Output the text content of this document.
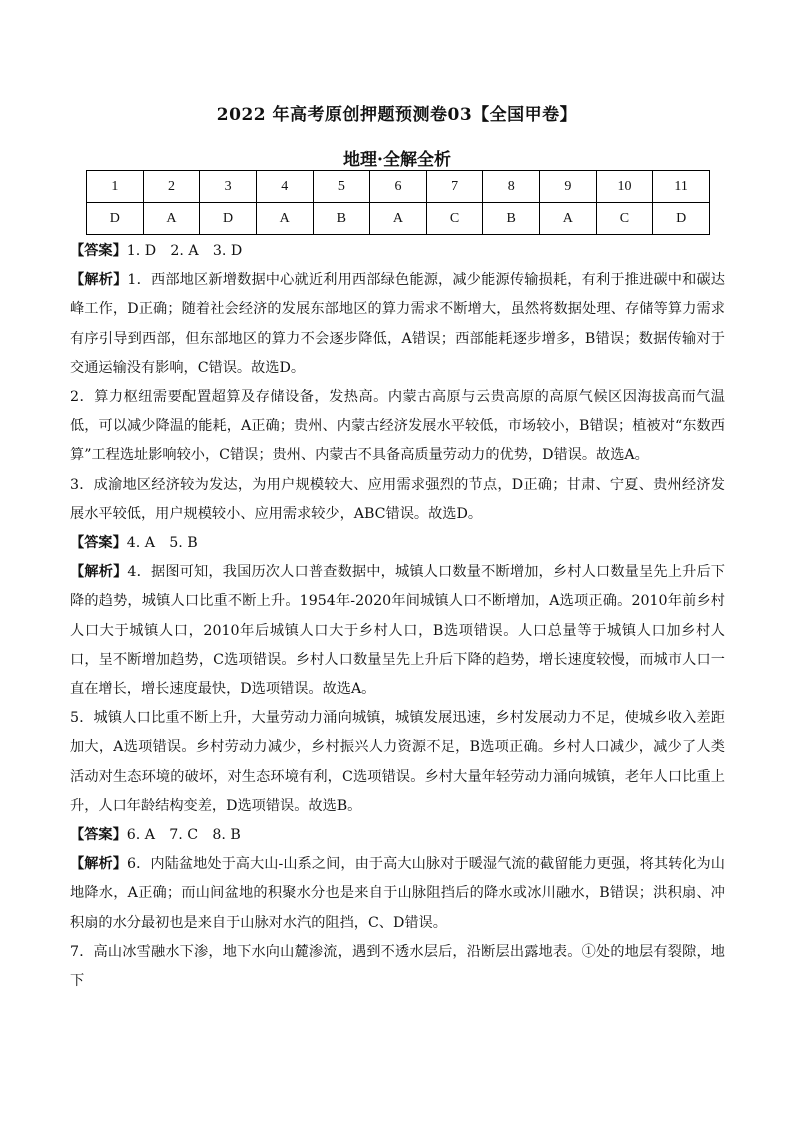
2022 年高考原创押题预测卷03【全国甲卷】
地理·全解全析
1	2	3	4	5	6	7	8	9	10	11
D	A	D	A	B	A	C	B	A	C	D

【答案】1. D　2. A　3. D

【解析】1．西部地区新增数据中心就近利用西部绿色能源，减少能源传输损耗，有利于推进碳中和碳达峰工作，D正确；随着社会经济的发展东部地区的算力需求不断增大，虽然将数据处理、存储等算力需求有序引导到西部，但东部地区的算力不会逐步降低，A错误；西部能耗逐步增多，B错误；数据传输对于交通运输没有影响，C错误。故选D。

2．算力枢纽需要配置超算及存储设备，发热高。内蒙古高原与云贵高原的高原气候区因海拔高而气温低，可以减少降温的能耗，A正确；贵州、内蒙古经济发展水平较低，市场较小，B错误；植被对“东数西算”工程选址影响较小，C错误；贵州、内蒙古不具备高质量劳动力的优势，D错误。故选A。

3．成渝地区经济较为发达，为用户规模较大、应用需求强烈的节点，D正确；甘肃、宁夏、贵州经济发展水平较低，用户规模较小、应用需求较少，ABC错误。故选D。

【答案】4. A　5. B

【解析】4．据图可知，我国历次人口普查数据中，城镇人口数量不断增加，乡村人口数量呈先上升后下降的趋势，城镇人口比重不断上升。1954年-2020年间城镇人口不断增加，A选项正确。2010年前乡村人口大于城镇人口，2010年后城镇人口大于乡村人口，B选项错误。人口总量等于城镇人口加乡村人口，呈不断增加趋势，C选项错误。乡村人口数量呈先上升后下降的趋势，增长速度较慢，而城市人口一直在增长，增长速度最快，D选项错误。故选A。

5．城镇人口比重不断上升，大量劳动力涌向城镇，城镇发展迅速，乡村发展动力不足，使城乡收入差距加大，A选项错误。乡村劳动力减少，乡村振兴人力资源不足，B选项正确。乡村人口减少，减少了人类活动对生态环境的破坏，对生态环境有利，C选项错误。乡村大量年轻劳动力涌向城镇，老年人口比重上升，人口年龄结构变差，D选项错误。故选B。

【答案】6. A　7. C　8. B

【解析】6．内陆盆地处于高大山-山系之间，由于高大山脉对于暖湿气流的截留能力更强，将其转化为山地降水，A正确；而山间盆地的积聚水分也是来自于山脉阻挡后的降水或冰川融水，B错误；洪积扇、冲积扇的水分最初也是来自于山脉对水汽的阻挡，C、D错误。

7．高山冰雪融水下渗，地下水向山麓渗流，遇到不透水层后，沿断层出露地表。①处的地层有裂隙，地下
